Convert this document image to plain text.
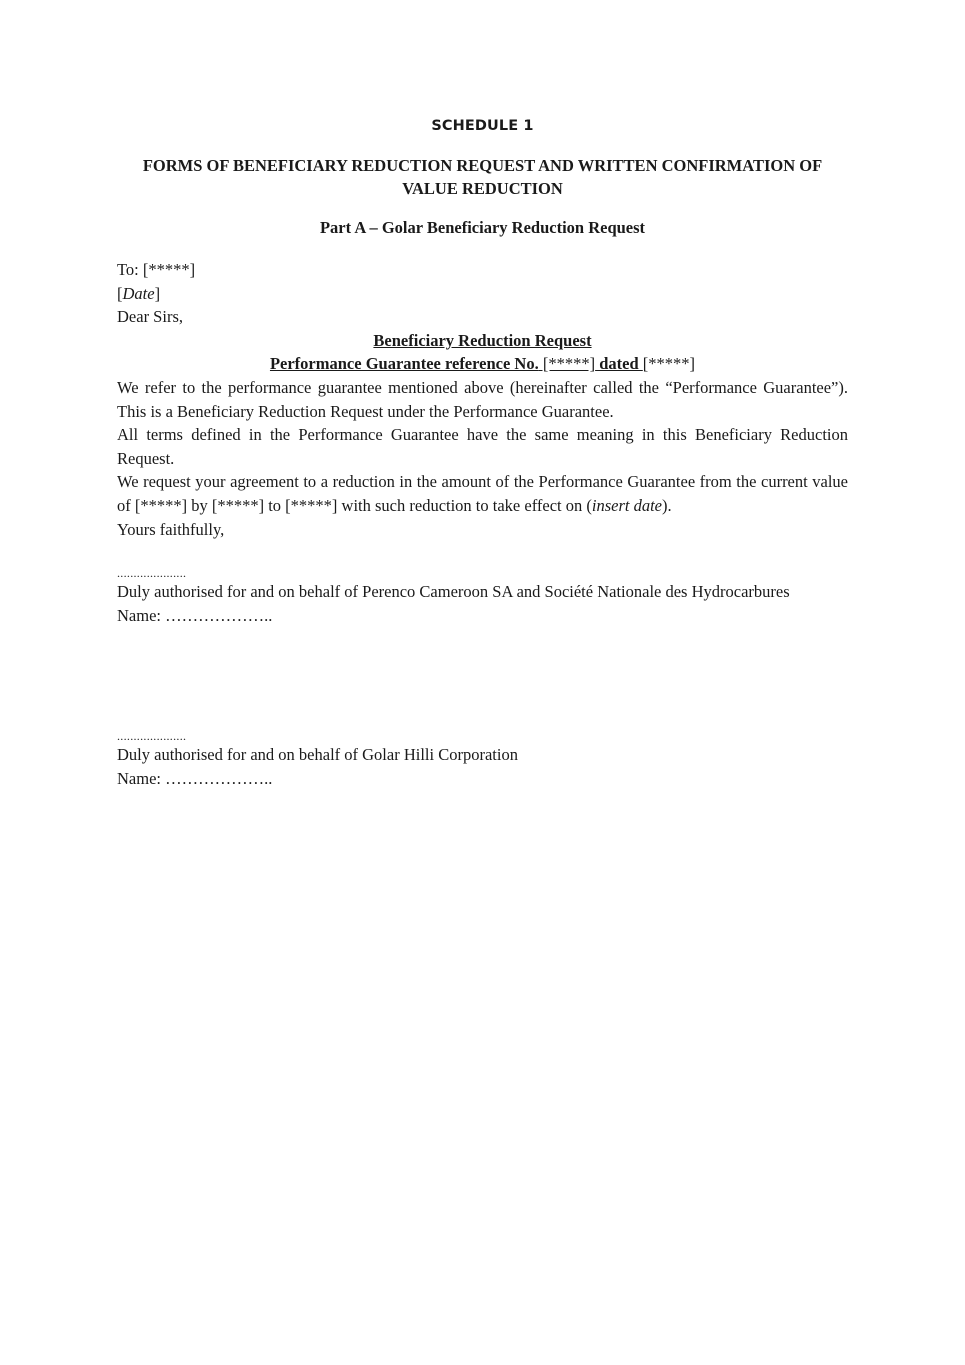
SCHEDULE 1
FORMS OF BENEFICIARY REDUCTION REQUEST AND WRITTEN CONFIRMATION OF VALUE REDUCTION
Part A – Golar Beneficiary Reduction Request
To: [*****]
[Date]
Dear Sirs,
Beneficiary Reduction Request
Performance Guarantee reference No. [*****] dated [*****]
We refer to the performance guarantee mentioned above (hereinafter called the “Performance Guarantee”). This is a Beneficiary Reduction Request under the Performance Guarantee.
All terms defined in the Performance Guarantee have the same meaning in this Beneficiary Reduction Request.
We request your agreement to a reduction in the amount of the Performance Guarantee from the current value of [*****] by [*****] to [*****] with such reduction to take effect on (insert date).
Yours faithfully,
.....................
Duly authorised for and on behalf of Perenco Cameroon SA and Société Nationale des Hydrocarbures
Name: ………………..
.....................
Duly authorised for and on behalf of Golar Hilli Corporation
Name: ………………..
